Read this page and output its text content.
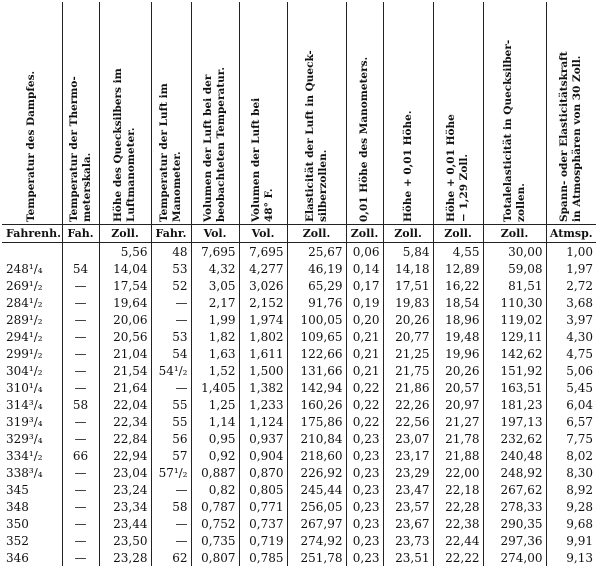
Temperatur des Dampfes.	Temperatur der Thermo-
meterskala.	Höhe des Quecksilbers im
Luftmanometer.	Temperatur der Luft im
Manometer.	Volumen der Luft bei der
beobachteten Temperatur.	Volumen der Luft bei
48° F.	Elasticität der Luft in Queck-
silberzollen.	0,01 Höhe des Manometers.	Höhe + 0,01 Höhe.	Höhe + 0,01 Höhe
− 1,29 Zoll.	Totalelasticität in Quecksilber-
zollen.	Spann- oder Elasticitätskraft
in Atmosphären von 30 Zoll.

Fahrenh.	Fah.	Zoll.	Fahr.	Vol.	Vol.	Zoll.	Zoll.	Zoll.	Zoll.	Zoll.	Atmsp.
		5,56	48	7,695	7,695	25,67	0,06	5,84	4,55	30,00	1,00
248¹/₄	54	14,04	53	4,32	4,277	46,19	0,14	14,18	12,89	59,08	1,97
269¹/₂	—	17,54	52	3,05	3,026	65,29	0,17	17,51	16,22	81,51	2,72
284¹/₂	—	19,64	—	2,17	2,152	91,76	0,19	19,83	18,54	110,30	3,68
289¹/₂	—	20,06	—	1,99	1,974	100,05	0,20	20,26	18,96	119,02	3,97
294¹/₂	—	20,56	53	1,82	1,802	109,65	0,21	20,77	19,48	129,11	4,30
299¹/₂	—	21,04	54	1,63	1,611	122,66	0,21	21,25	19,96	142,62	4,75
304¹/₂	—	21,54	54¹/₂	1,52	1,500	131,66	0,21	21,75	20,26	151,92	5,06
310¹/₄	—	21,64	—	1,405	1,382	142,94	0,22	21,86	20,57	163,51	5,45
314³/₄	58	22,04	55	1,25	1,233	160,26	0,22	22,26	20,97	181,23	6,04
319³/₄	—	22,34	55	1,14	1,124	175,86	0,22	22,56	21,27	197,13	6,57
329³/₄	—	22,84	56	0,95	0,937	210,84	0,23	23,07	21,78	232,62	7,75
334¹/₂	66	22,94	57	0,92	0,904	218,60	0,23	23,17	21,88	240,48	8,02
338³/₄	—	23,04	57¹/₂	0,887	0,870	226,92	0,23	23,29	22,00	248,92	8,30
345	—	23,24	—	0,82	0,805	245,44	0,23	23,47	22,18	267,62	8,92
348	—	23,34	58	0,787	0,771	256,05	0,23	23,57	22,28	278,33	9,28
350	—	23,44	—	0,752	0,737	267,97	0,23	23,67	22,38	290,35	9,68
352	—	23,50	—	0,735	0,719	274,92	0,23	23,73	22,44	297,36	9,91
346	—	23,28	62	0,807	0,785	251,78	0,23	23,51	22,22	274,00	9,13
